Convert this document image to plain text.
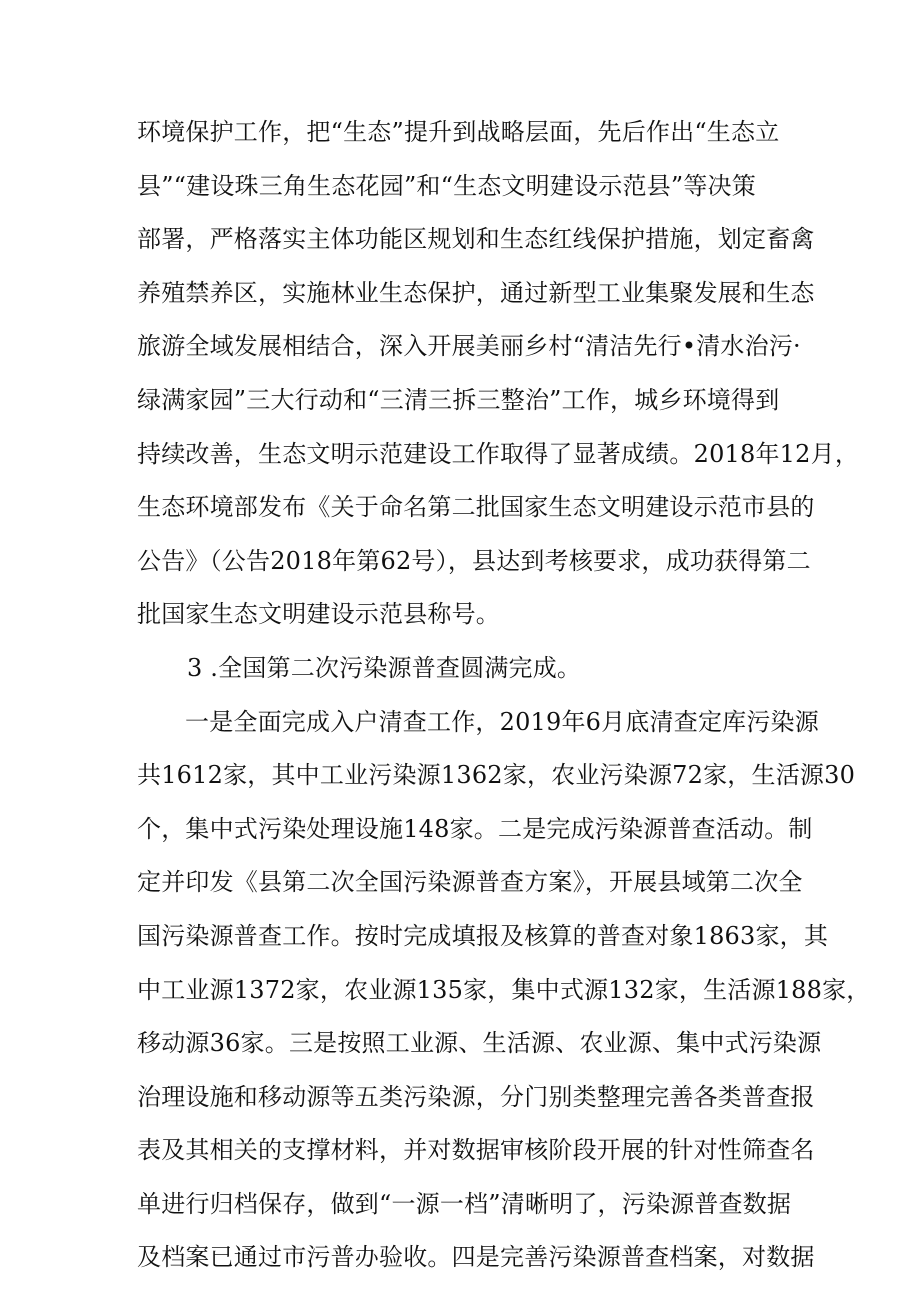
环境保护工作，把“生态”提升到战略层面，先后作出“生态立
县”“建设珠三角生态花园”和“生态文明建设示范县”等决策
部署，严格落实主体功能区规划和生态红线保护措施，划定畜禽
养殖禁养区，实施林业生态保护，通过新型工业集聚发展和生态
旅游全域发展相结合，深入开展美丽乡村“清洁先行•清水治污·
绿满家园”三大行动和“三清三拆三整治”工作，城乡环境得到
持续改善，生态文明示范建设工作取得了显著成绩。2018年12月，
生态环境部发布《关于命名第二批国家生态文明建设示范市县的
公告》（公告2018年第62号），县达到考核要求，成功获得第二
批国家生态文明建设示范县称号。
3 .全国第二次污染源普查圆满完成。
一是全面完成入户清查工作，2019年6月底清查定库污染源
共1612家，其中工业污染源1362家，农业污染源72家，生活源30
个，集中式污染处理设施148家。二是完成污染源普查活动。制
定并印发《县第二次全国污染源普查方案》，开展县域第二次全
国污染源普查工作。按时完成填报及核算的普查对象1863家，其
中工业源1372家，农业源135家，集中式源132家，生活源188家，
移动源36家。三是按照工业源、生活源、农业源、集中式污染源
治理设施和移动源等五类污染源，分门别类整理完善各类普查报
表及其相关的支撑材料，并对数据审核阶段开展的针对性筛查名
单进行归档保存，做到“一源一档”清晰明了，污染源普查数据
及档案已通过市污普办验收。四是完善污染源普查档案，对数据
